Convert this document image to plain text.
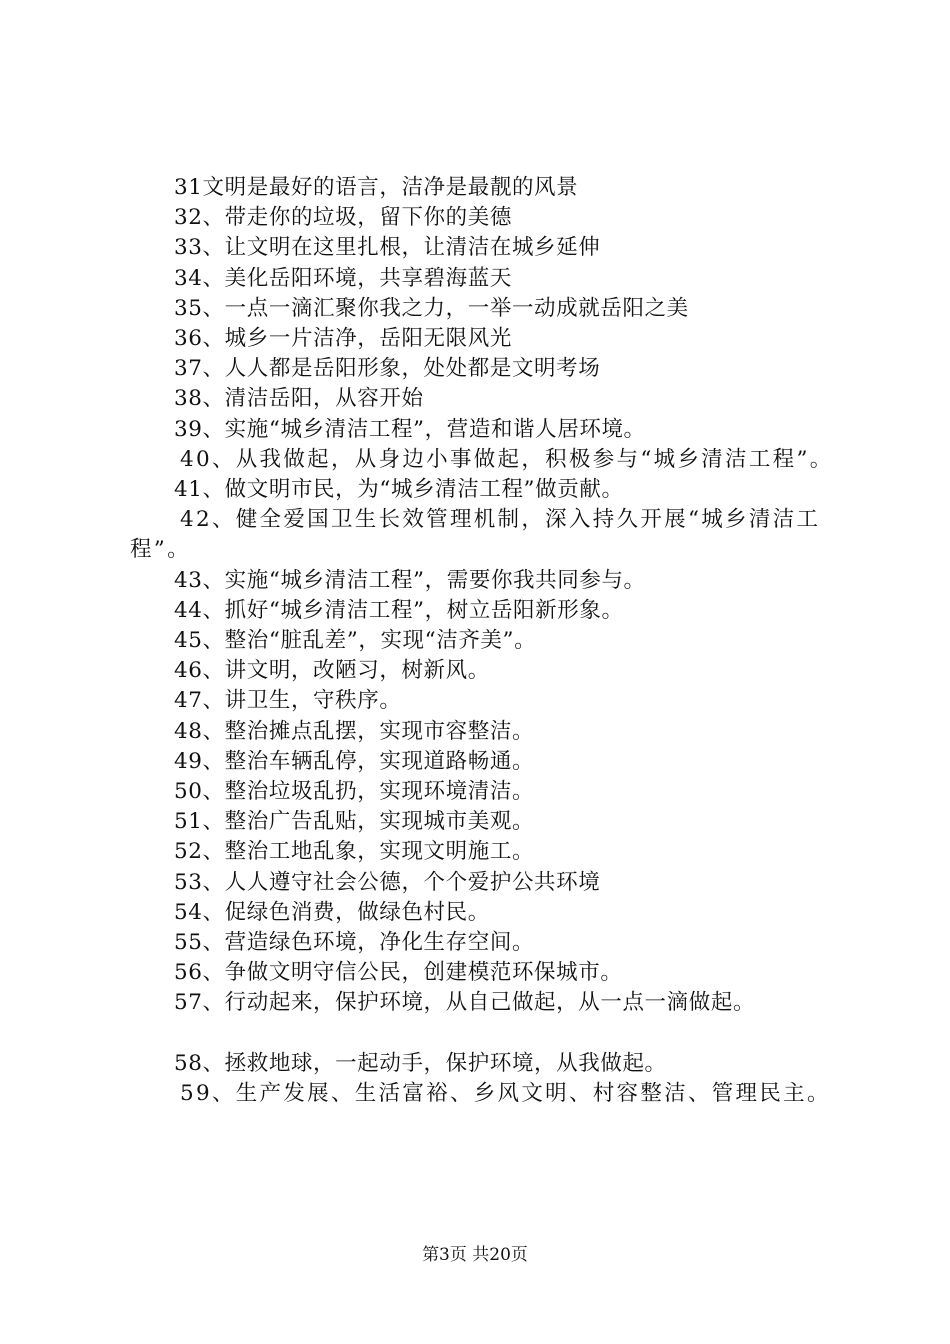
31文明是最好的语言，洁净是最靓的风景
32、带走你的垃圾，留下你的美德
33、让文明在这里扎根，让清洁在城乡延伸
34、美化岳阳环境，共享碧海蓝天
35、一点一滴汇聚你我之力，一举一动成就岳阳之美
36、城乡一片洁净，岳阳无限风光
37、人人都是岳阳形象，处处都是文明考场
38、清洁岳阳，从容开始
39、实施“城乡清洁工程”，营造和谐人居环境。
40、从我做起，从身边小事做起，积极参与“城乡清洁工程”。
41、做文明市民，为“城乡清洁工程”做贡献。
42、健全爱国卫生长效管理机制，深入持久开展“城乡清洁工程”。
43、实施“城乡清洁工程”，需要你我共同参与。
44、抓好“城乡清洁工程”，树立岳阳新形象。
45、整治“脏乱差”，实现“洁齐美”。
46、讲文明，改陋习，树新风。
47、讲卫生，守秩序。
48、整治摊点乱摆，实现市容整洁。
49、整治车辆乱停，实现道路畅通。
50、整治垃圾乱扔，实现环境清洁。
51、整治广告乱贴，实现城市美观。
52、整治工地乱象，实现文明施工。
53、人人遵守社会公德，个个爱护公共环境
54、促绿色消费，做绿色村民。
55、营造绿色环境，净化生存空间。
56、争做文明守信公民，创建模范环保城市。
57、行动起来，保护环境，从自己做起，从一点一滴做起。
58、拯救地球，一起动手，保护环境，从我做起。
59、生产发展、生活富裕、乡风文明、村容整洁、管理民主。
第3页 共20页
